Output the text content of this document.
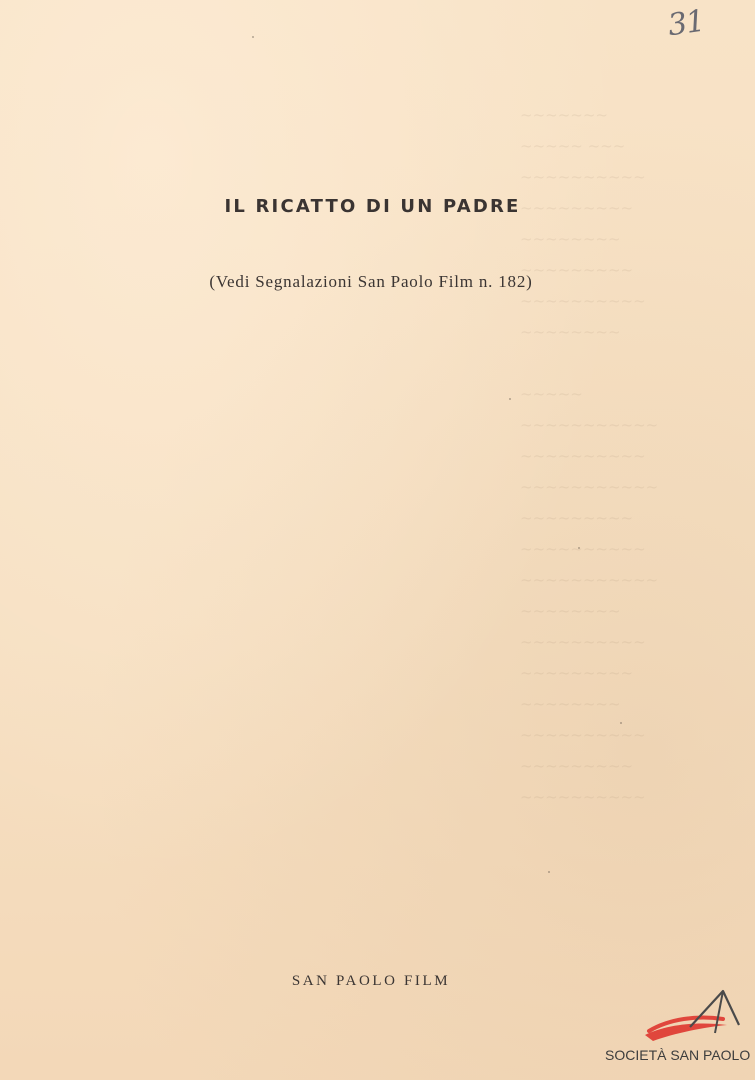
~~~~~~~
~~~~~ ~~~
~~~~~~~~~~
~~~~~~~~~
~~~~~~~~
~~~~~~~~~
~~~~~~~~~~
~~~~~~~~

~~~~~
~~~~~~~~~~~
~~~~~~~~~~
~~~~~~~~~~~
~~~~~~~~~
~~~~~~~~~~
~~~~~~~~~~~
~~~~~~~~
~~~~~~~~~~
~~~~~~~~~
~~~~~~~~
~~~~~~~~~~
~~~~~~~~~
~~~~~~~~~~
31
IL RICATTO DI UN PADRE
(Vedi Segnalazioni San Paolo Film n. 182)
SAN PAOLO FILM
SOCIETÀ SAN PAOLO
